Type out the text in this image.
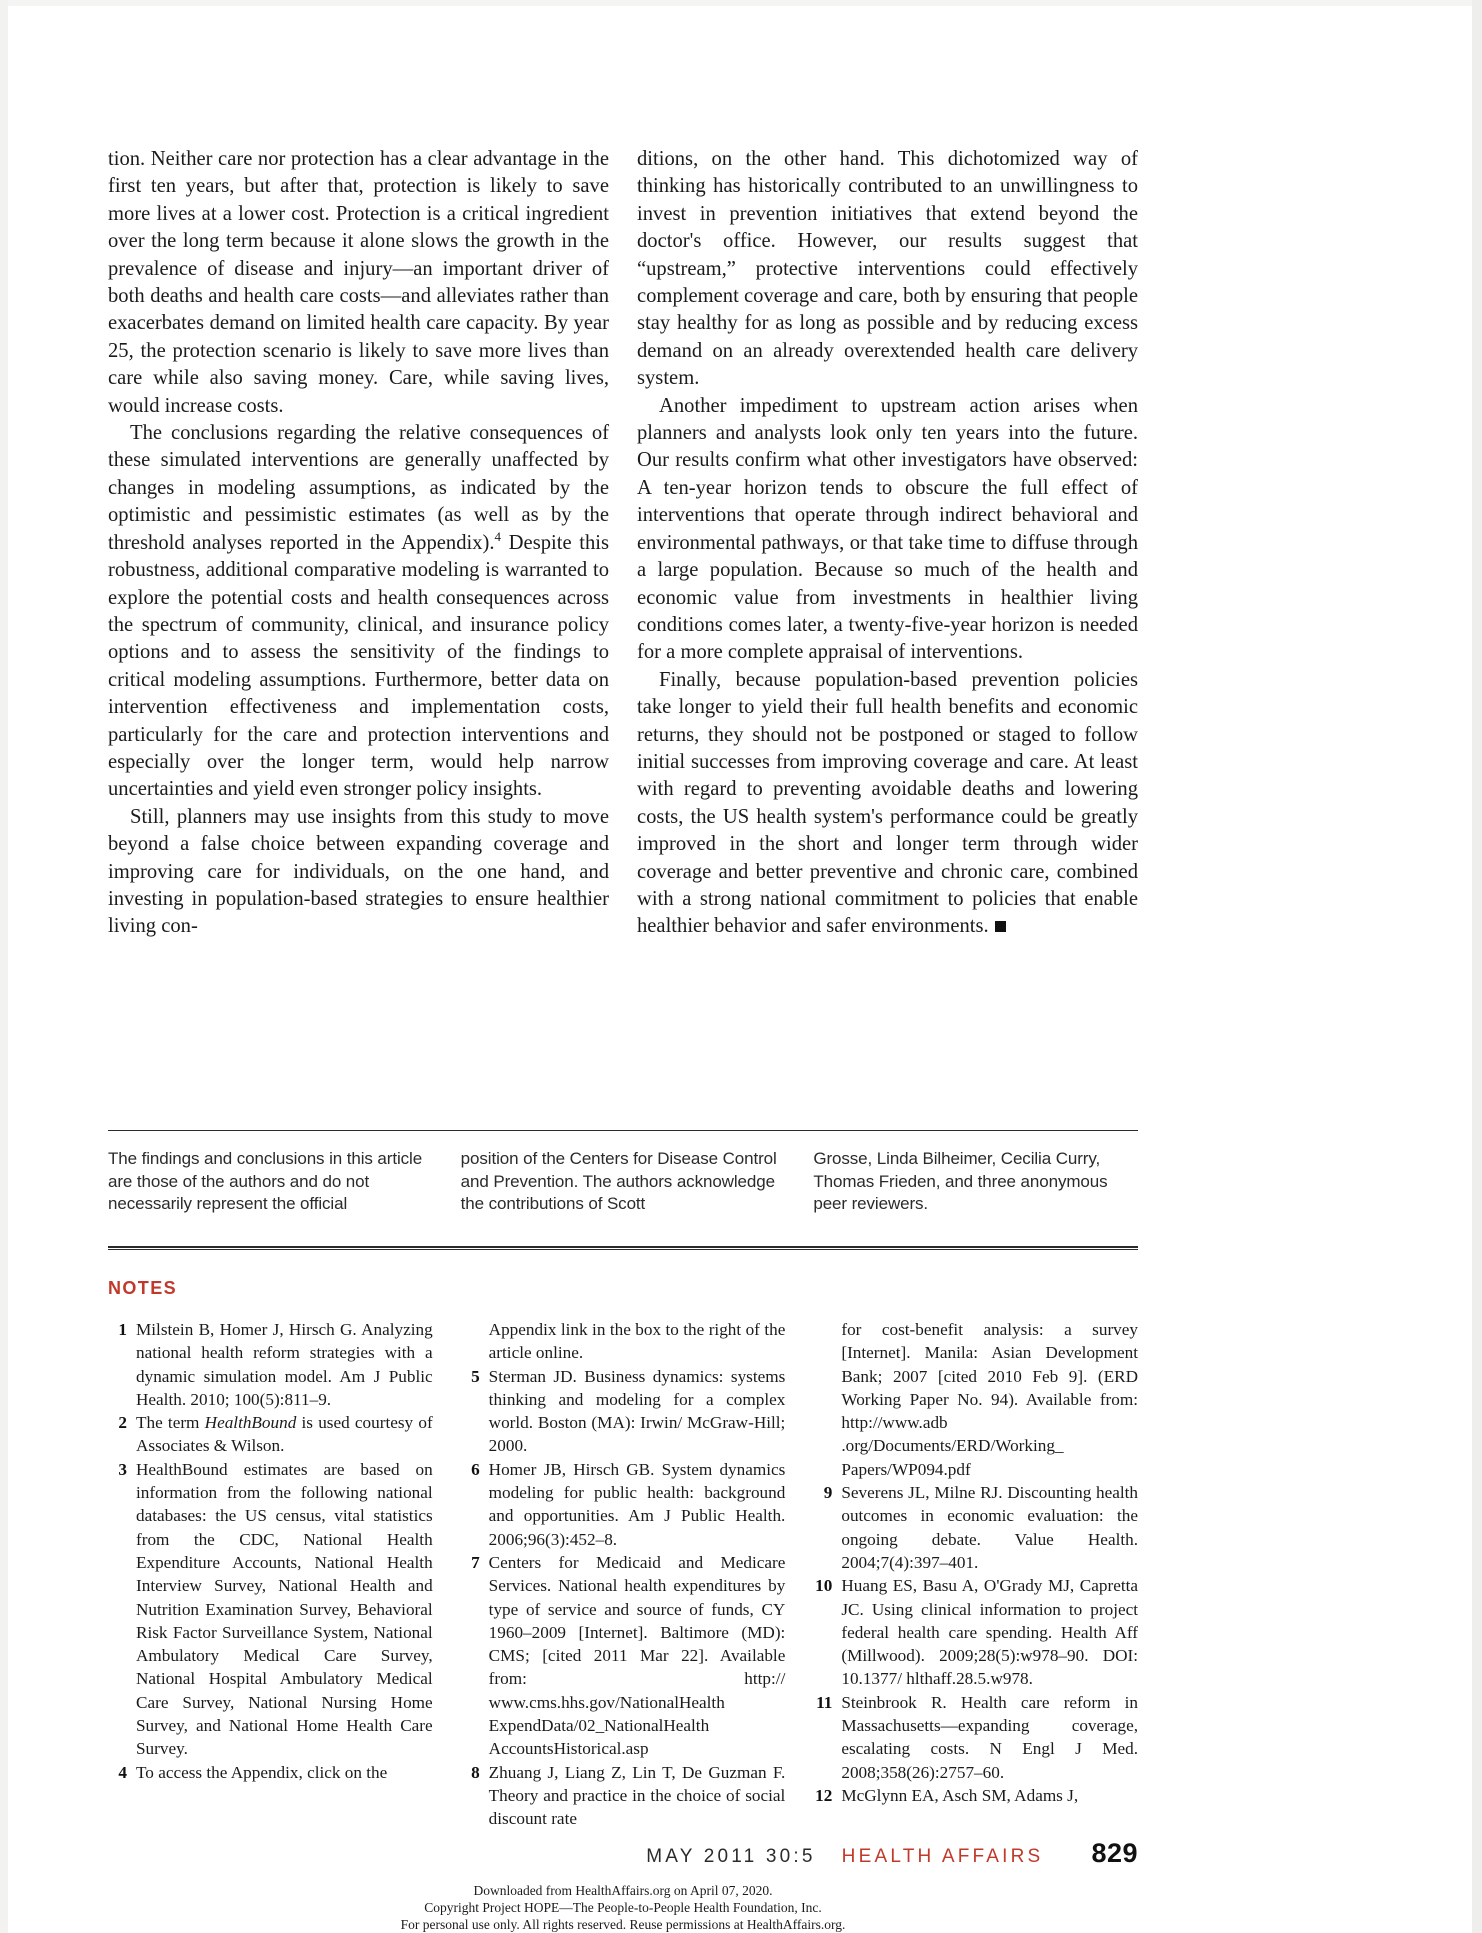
tion. Neither care nor protection has a clear advantage in the first ten years, but after that, protection is likely to save more lives at a lower cost. Protection is a critical ingredient over the long term because it alone slows the growth in the prevalence of disease and injury—an important driver of both deaths and health care costs—and alleviates rather than exacerbates demand on limited health care capacity. By year 25, the protection scenario is likely to save more lives than care while also saving money. Care, while saving lives, would increase costs.

The conclusions regarding the relative consequences of these simulated interventions are generally unaffected by changes in modeling assumptions, as indicated by the optimistic and pessimistic estimates (as well as by the threshold analyses reported in the Appendix).$^4$ Despite this robustness, additional comparative modeling is warranted to explore the potential costs and health consequences across the spectrum of community, clinical, and insurance policy options and to assess the sensitivity of the findings to critical modeling assumptions. Furthermore, better data on intervention effectiveness and implementation costs, particularly for the care and protection interventions and especially over the longer term, would help narrow uncertainties and yield even stronger policy insights.

Still, planners may use insights from this study to move beyond a false choice between expanding coverage and improving care for individuals, on the one hand, and investing in population-based strategies to ensure healthier living con-

ditions, on the other hand. This dichotomized way of thinking has historically contributed to an unwillingness to invest in prevention initiatives that extend beyond the doctor's office. However, our results suggest that “upstream,” protective interventions could effectively complement coverage and care, both by ensuring that people stay healthy for as long as possible and by reducing excess demand on an already overextended health care delivery system.

Another impediment to upstream action arises when planners and analysts look only ten years into the future. Our results confirm what other investigators have observed: A ten-year horizon tends to obscure the full effect of interventions that operate through indirect behavioral and environmental pathways, or that take time to diffuse through a large population. Because so much of the health and economic value from investments in healthier living conditions comes later, a twenty-five-year horizon is needed for a more complete appraisal of interventions.

Finally, because population-based prevention policies take longer to yield their full health benefits and economic returns, they should not be postponed or staged to follow initial successes from improving coverage and care. At least with regard to preventing avoidable deaths and lowering costs, the US health system's performance could be greatly improved in the short and longer term through wider coverage and better preventive and chronic care, combined with a strong national commitment to policies that enable healthier behavior and safer environments.

The findings and conclusions in this article are those of the authors and do not necessarily represent the official

position of the Centers for Disease Control and Prevention. The authors acknowledge the contributions of Scott

Grosse, Linda Bilheimer, Cecilia Curry, Thomas Frieden, and three anonymous peer reviewers.

NOTES
1 Milstein B, Homer J, Hirsch G. Analyzing national health reform strategies with a dynamic simulation model. Am J Public Health. 2010; 100(5):811–9.
2 The term HealthBound is used courtesy of Associates & Wilson.
3 HealthBound estimates are based on information from the following national databases: the US census, vital statistics from the CDC, National Health Expenditure Accounts, National Health Interview Survey, National Health and Nutrition Examination Survey, Behavioral Risk Factor Surveillance System, National Ambulatory Medical Care Survey, National Hospital Ambulatory Medical Care Survey, National Nursing Home Survey, and National Home Health Care Survey.
4 To access the Appendix, click on the
Appendix link in the box to the right of the article online.
5 Sterman JD. Business dynamics: systems thinking and modeling for a complex world. Boston (MA): Irwin/ McGraw-Hill; 2000.
6 Homer JB, Hirsch GB. System dynamics modeling for public health: background and opportunities. Am J Public Health. 2006;96(3):452–8.
7 Centers for Medicaid and Medicare Services. National health expenditures by type of service and source of funds, CY 1960–2009 [Internet]. Baltimore (MD): CMS; [cited 2011 Mar 22]. Available from: http:// www.cms.hhs.gov/NationalHealth ExpendData/02_NationalHealth AccountsHistorical.asp
8 Zhuang J, Liang Z, Lin T, De Guzman F. Theory and practice in the choice of social discount rate
for cost-benefit analysis: a survey [Internet]. Manila: Asian Development Bank; 2007 [cited 2010 Feb 9]. (ERD Working Paper No. 94). Available from: http://www.adb .org/Documents/ERD/Working_ Papers/WP094.pdf
9 Severens JL, Milne RJ. Discounting health outcomes in economic evaluation: the ongoing debate. Value Health. 2004;7(4):397–401.
10 Huang ES, Basu A, O'Grady MJ, Capretta JC. Using clinical information to project federal health care spending. Health Aff (Millwood). 2009;28(5):w978–90. DOI: 10.1377/ hlthaff.28.5.w978.
11 Steinbrook R. Health care reform in Massachusetts—expanding coverage, escalating costs. N Engl J Med. 2008;358(26):2757–60.
12 McGlynn EA, Asch SM, Adams J,
MAY 2011 30:5 HEALTH AFFAIRS 829
Downloaded from HealthAffairs.org on April 07, 2020.
Copyright Project HOPE—The People-to-People Health Foundation, Inc.
For personal use only. All rights reserved. Reuse permissions at HealthAffairs.org.
